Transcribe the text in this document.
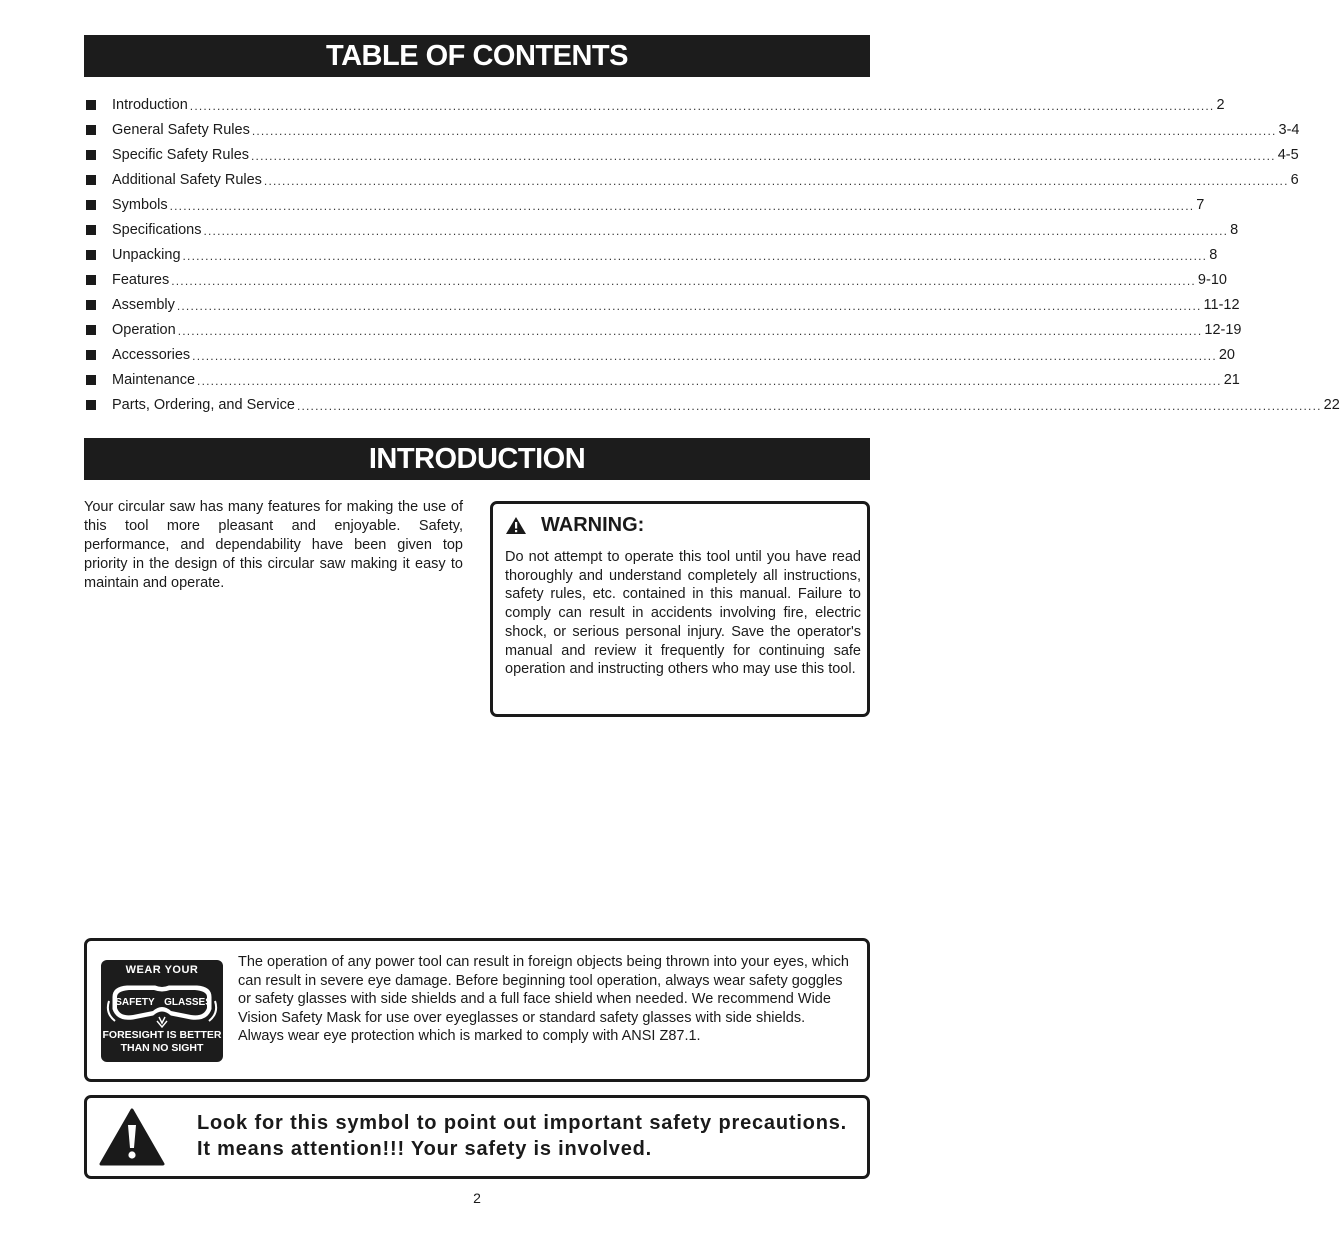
TABLE OF CONTENTS
Introduction .................................................................................................................................................................................................................................. 2
General Safety Rules .................................................................................................................................................................................................................................. 3-4
Specific Safety Rules .................................................................................................................................................................................................................................. 4-5
Additional Safety Rules .................................................................................................................................................................................................................................. 6
Symbols .................................................................................................................................................................................................................................. 7
Specifications .................................................................................................................................................................................................................................. 8
Unpacking .................................................................................................................................................................................................................................. 8
Features .................................................................................................................................................................................................................................. 9-10
Assembly .................................................................................................................................................................................................................................. 11-12
Operation .................................................................................................................................................................................................................................. 12-19
Accessories .................................................................................................................................................................................................................................. 20
Maintenance .................................................................................................................................................................................................................................. 21
Parts, Ordering, and Service .................................................................................................................................................................................................................................. 22
INTRODUCTION

Your circular saw has many features for making the use of this tool more pleasant and enjoyable. Safety, performance, and dependability have been given top priority in the design of this circular saw making it easy to maintain and operate.

WARNING:

Do not attempt to operate this tool until you have read thoroughly and understand completely all instructions, safety rules, etc. contained in this manual. Failure to comply can result in accidents involving fire, electric shock, or serious personal injury. Save the operator's manual and review it frequently for continuing safe operation and instructing others who may use this tool.

WEAR YOUR
SAFETY GLASSES
FORESIGHT IS BETTER
THAN NO SIGHT

The operation of any power tool can result in foreign objects being thrown into your eyes, which can result in severe eye damage. Before beginning tool operation, always wear safety goggles or safety glasses with side shields and a full face shield when needed. We recommend Wide Vision Safety Mask for use over eyeglasses or standard safety glasses with side shields. Always wear eye protection which is marked to comply with ANSI Z87.1.

Look for this symbol to point out important safety precautions. It means attention!!! Your safety is involved.

2
